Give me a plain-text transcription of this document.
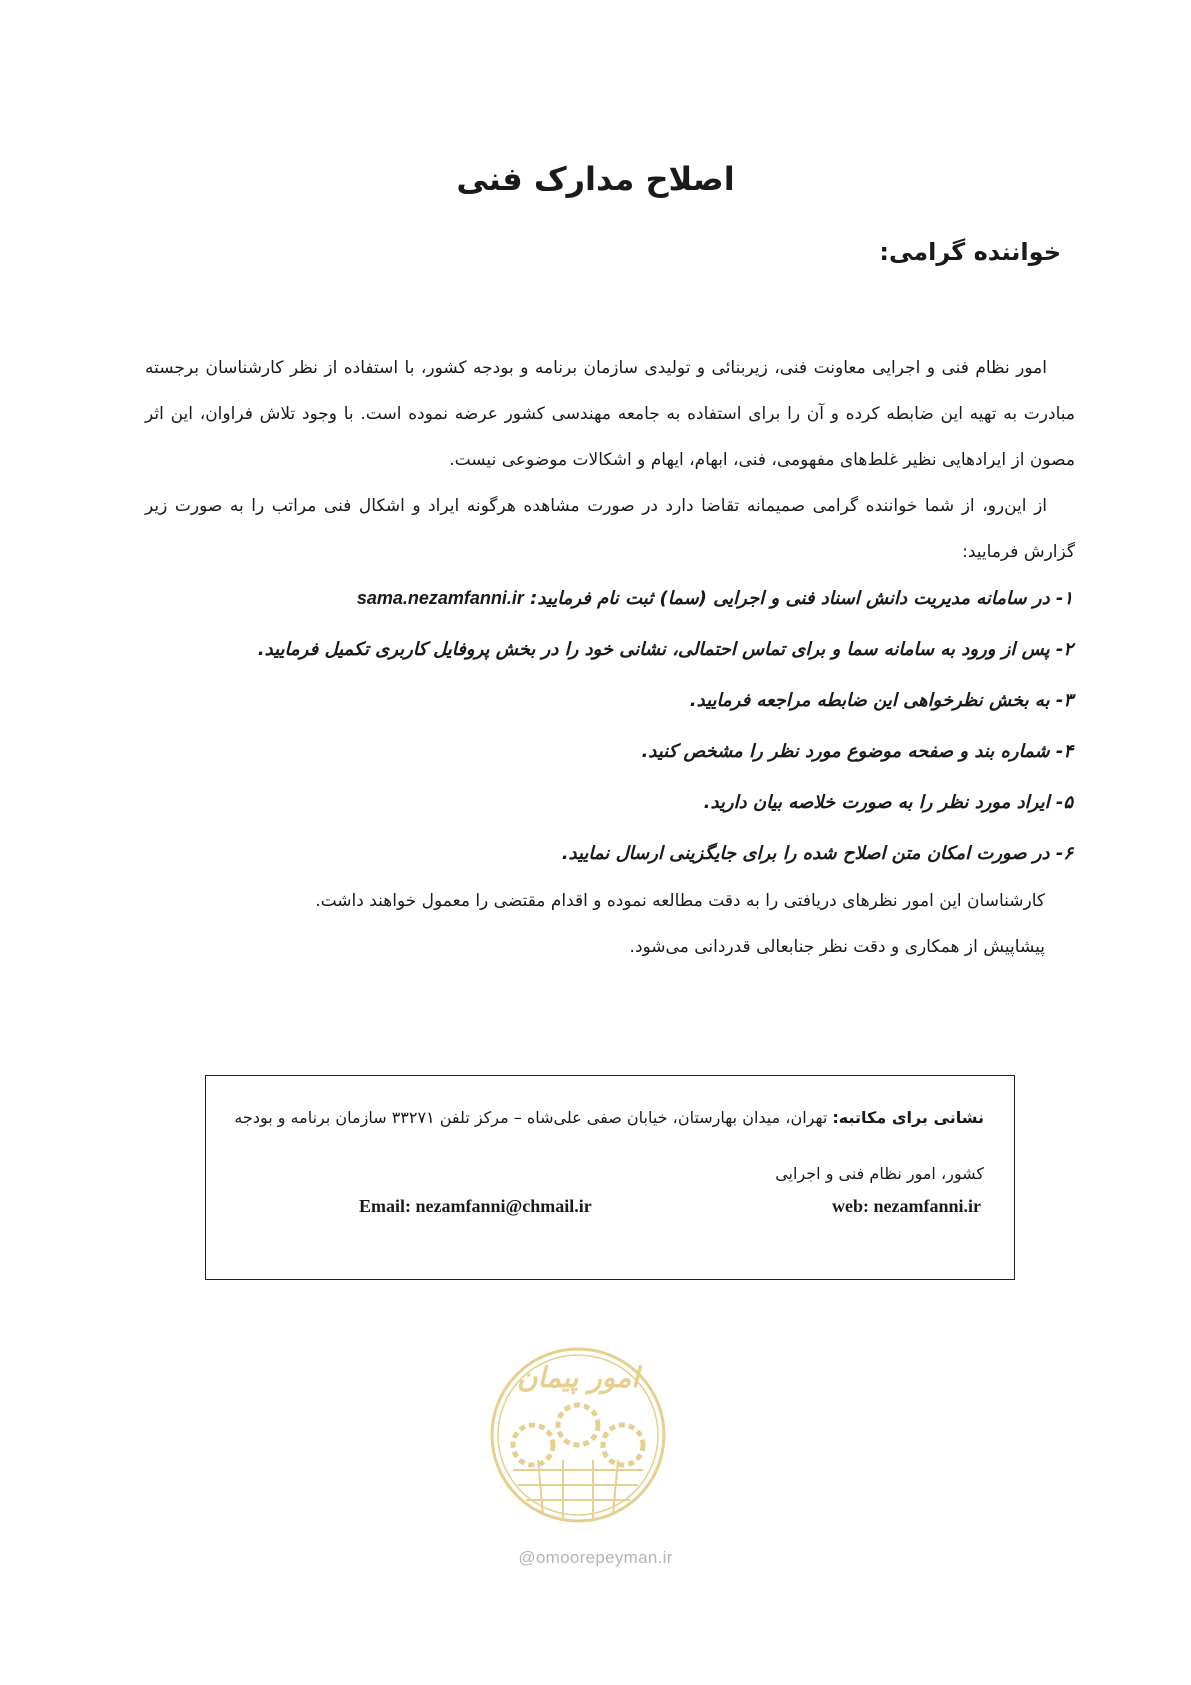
اصلاح مدارک فنی
خواننده گرامی:

امور نظام فنی و اجرایی معاونت فنی، زیربنائی و تولیدی سازمان برنامه و بودجه کشور، با استفاده از نظر کارشناسان برجسته مبادرت به تهیه این ضابطه کرده و آن را برای استفاده به جامعه مهندسی کشور عرضه نموده است. با وجود تلاش فراوان، این اثر مصون از ایرادهایی نظیر غلط‌های مفهومی، فنی، ابهام، ایهام و اشکالات موضوعی نیست.

از این‌رو، از شما خواننده گرامی صمیمانه تقاضا دارد در صورت مشاهده هرگونه ایراد و اشکال فنی مراتب را به صورت زیر گزارش فرمایید:

۱- در سامانه مدیریت دانش اسناد فنی و اجرایی (سما) ثبت نام فرمایید: sama.nezamfanni.ir
۲- پس از ورود به سامانه سما و برای تماس احتمالی، نشانی خود را در بخش پروفایل کاربری تکمیل فرمایید.
۳- به بخش نظرخواهی این ضابطه مراجعه فرمایید.
۴- شماره بند و صفحه موضوع مورد نظر را مشخص کنید.
۵- ایراد مورد نظر را به صورت خلاصه بیان دارید.
۶- در صورت امکان متن اصلاح شده را برای جایگزینی ارسال نمایید.

کارشناسان این امور نظرهای دریافتی را به دقت مطالعه نموده و اقدام مقتضی را معمول خواهند داشت.

پیشاپیش از همکاری و دقت نظر جنابعالی قدردانی می‌شود.

نشانی برای مکاتبه: تهران، میدان بهارستان، خیابان صفی علی‌شاه – مرکز تلفن ۳۳۲۷۱ سازمان برنامه و بودجه کشور، امور نظام فنی و اجرایی
Email: nezamfanni@chmail.ir	web: nezamfanni.ir
امور پیمان
@omoorepeyman.ir
